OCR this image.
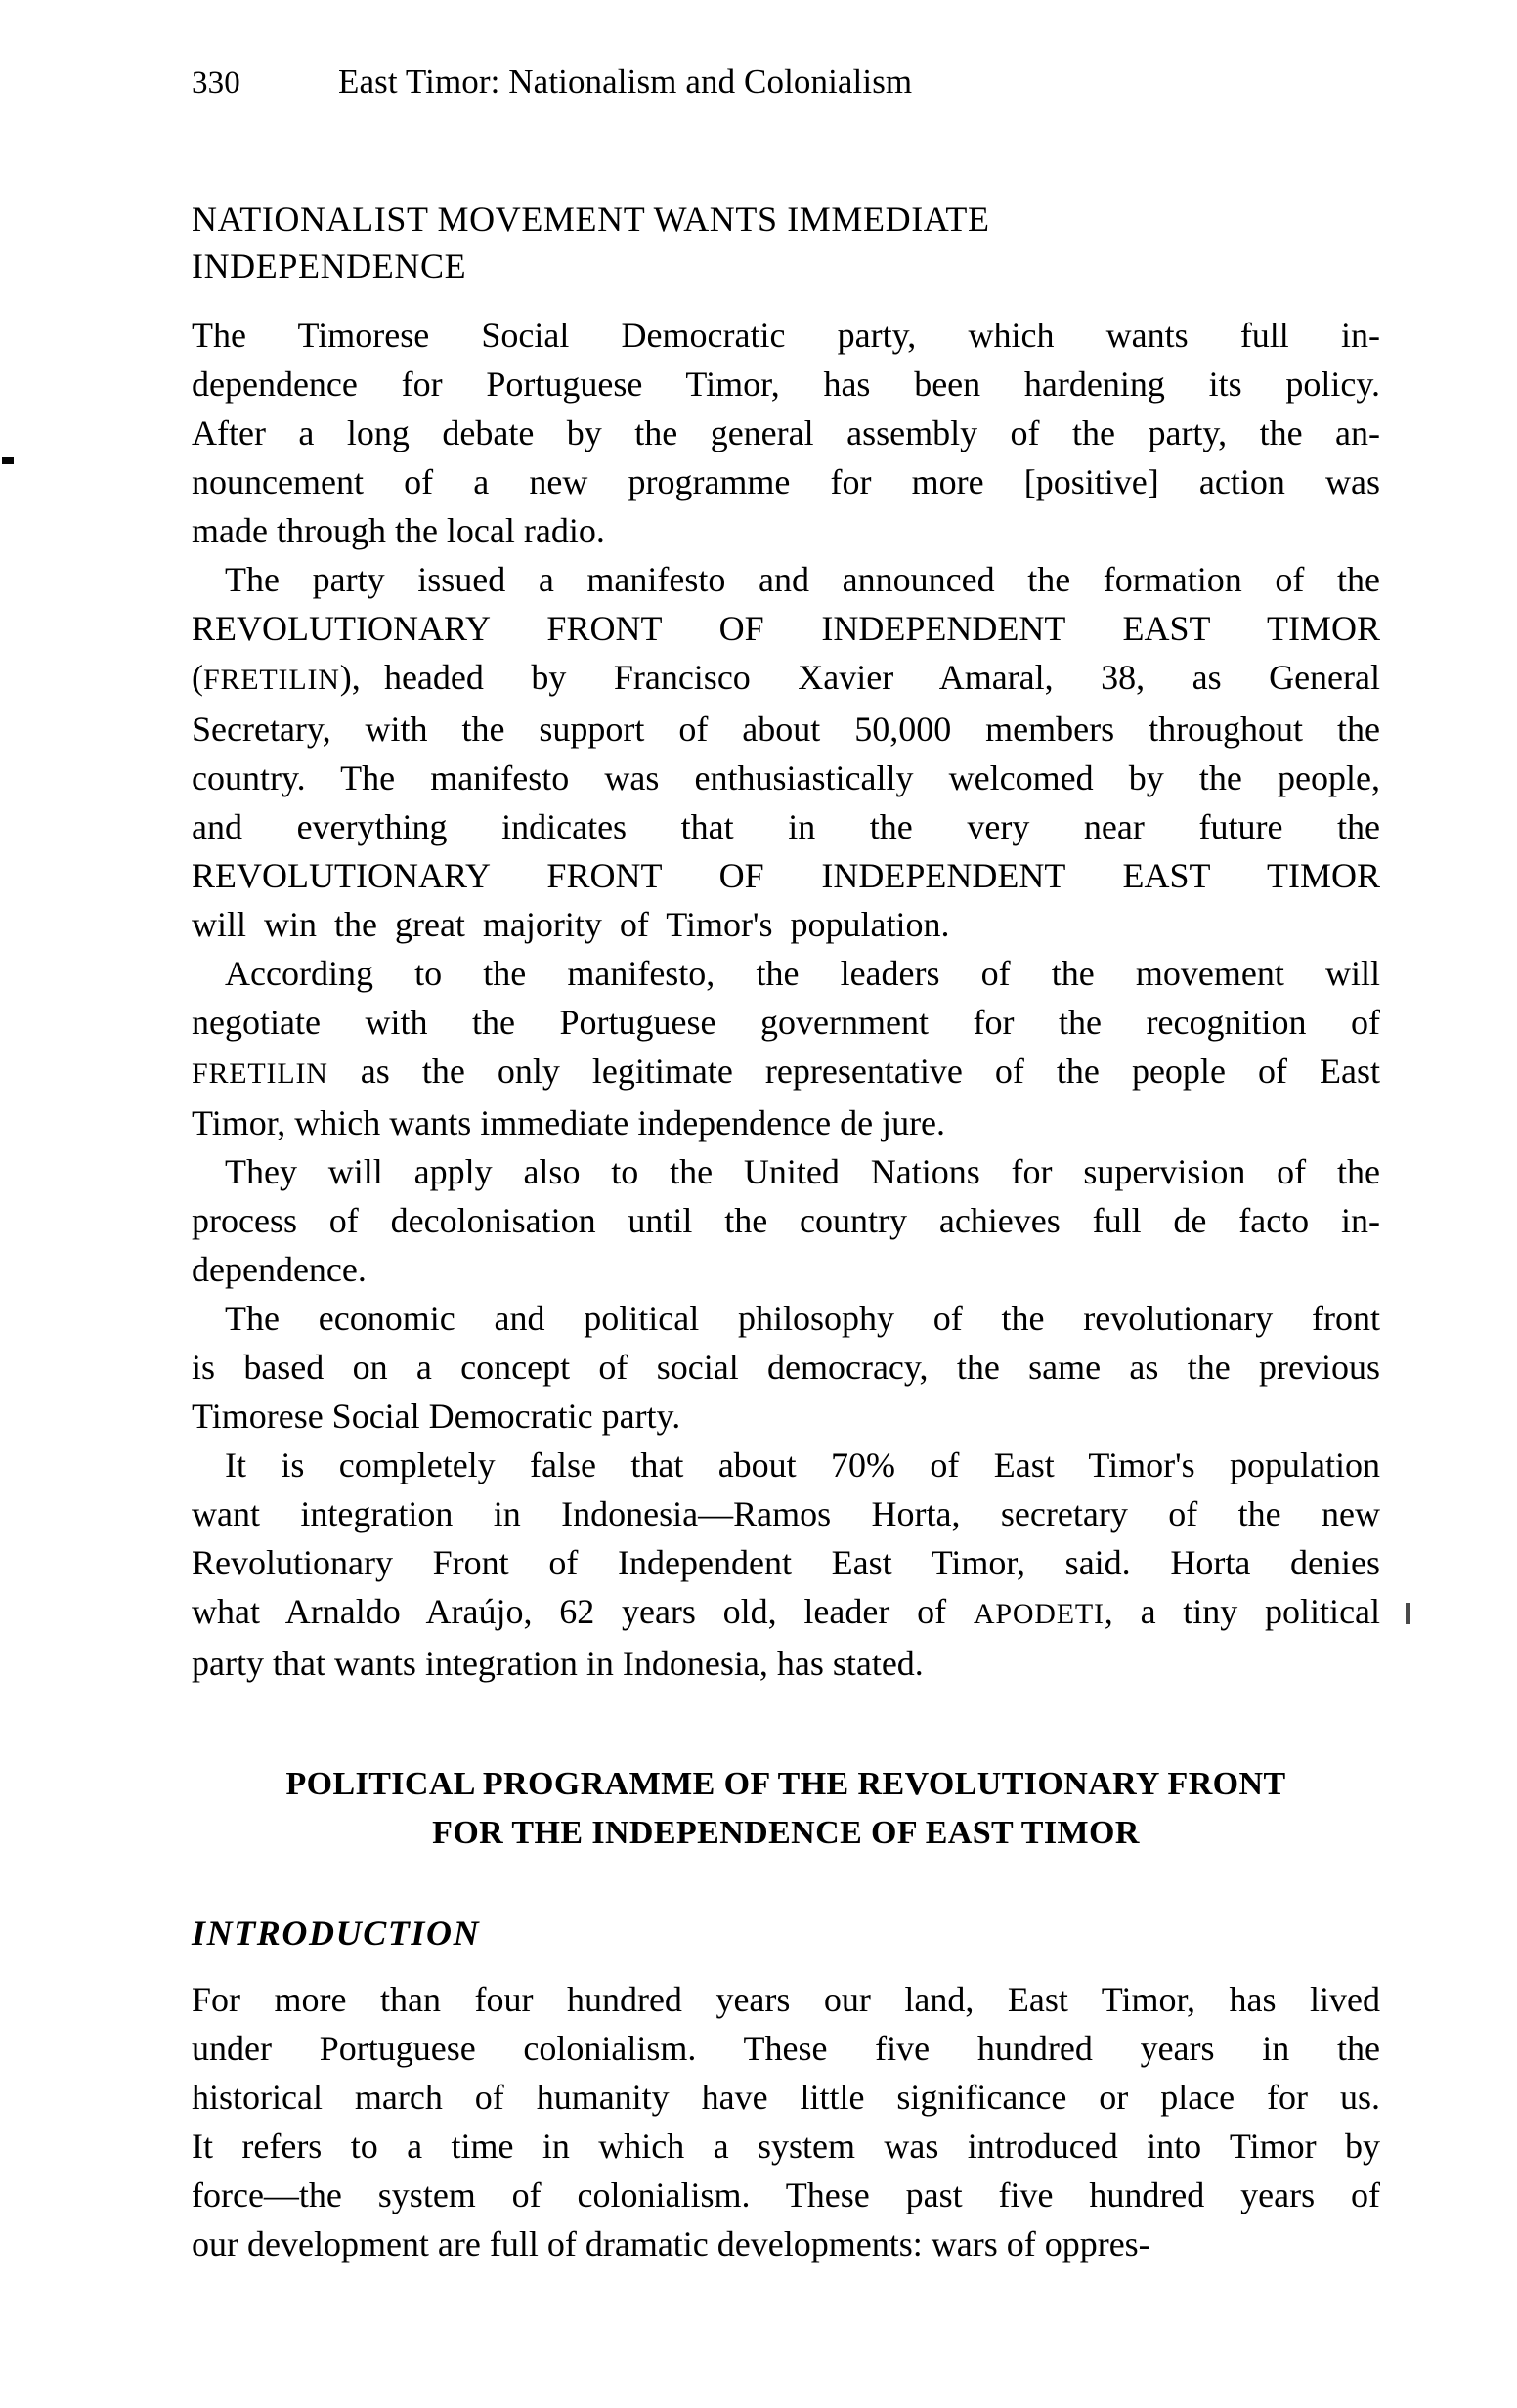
330	East Timor: Nationalism and Colonialism
NATIONALIST MOVEMENT WANTS IMMEDIATE
INDEPENDENCE

The  Timorese  Social  Democratic  party,  which  wants  full  in-
dependence  for  Portuguese  Timor,  has  been  hardening  its  policy.
After  a  long  debate  by  the  general  assembly  of  the  party,  the  an-
nouncement  of  a  new  programme  for  more  [positive]  action  was
made through the local radio.

The party issued a manifesto and announced the formation of the
REVOLUTIONARY  FRONT  OF  INDEPENDENT  EAST  TIMOR
(FRETILIN), headed  by  Francisco  Xavier  Amaral,  38,  as  General
Secretary, with the support of about 50,000 members throughout the
country. The manifesto was enthusiastically welcomed by the people,
and  everything  indicates  that  in  the  very  near  future  the
REVOLUTIONARY  FRONT  OF  INDEPENDENT  EAST  TIMOR
will  win  the  great  majority  of  Timor's  population.

According  to  the  manifesto,  the  leaders  of  the  movement  will
negotiate  with  the  Portuguese  government  for  the  recognition  of
FRETILIN as the only legitimate representative of the people of East
Timor, which wants immediate independence de jure.

They will apply also to the United Nations for supervision of the
process of decolonisation until the country achieves full de facto in-
dependence.

The economic and political philosophy of the revolutionary front
is based on a concept of social democracy, the same as the previous
Timorese Social Democratic party.

It  is  completely  false  that  about  70%  of  East  Timor's  population
want integration in Indonesia—Ramos Horta, secretary of the new
Revolutionary Front of Independent East Timor, said. Horta denies
what Arnaldo Araújo, 62 years old, leader of APODETI, a tiny political
party that wants integration in Indonesia, has stated.

POLITICAL PROGRAMME OF THE REVOLUTIONARY FRONT
FOR THE INDEPENDENCE OF EAST TIMOR
INTRODUCTION

For more than four hundred years our land, East Timor, has lived
under  Portuguese  colonialism.  These  five  hundred  years  in  the
historical march of humanity have little significance or place for us.
It refers to a time in which a system was introduced into Timor by
force—the system of colonialism. These past five hundred years of
our development are full of dramatic developments: wars of oppres-
